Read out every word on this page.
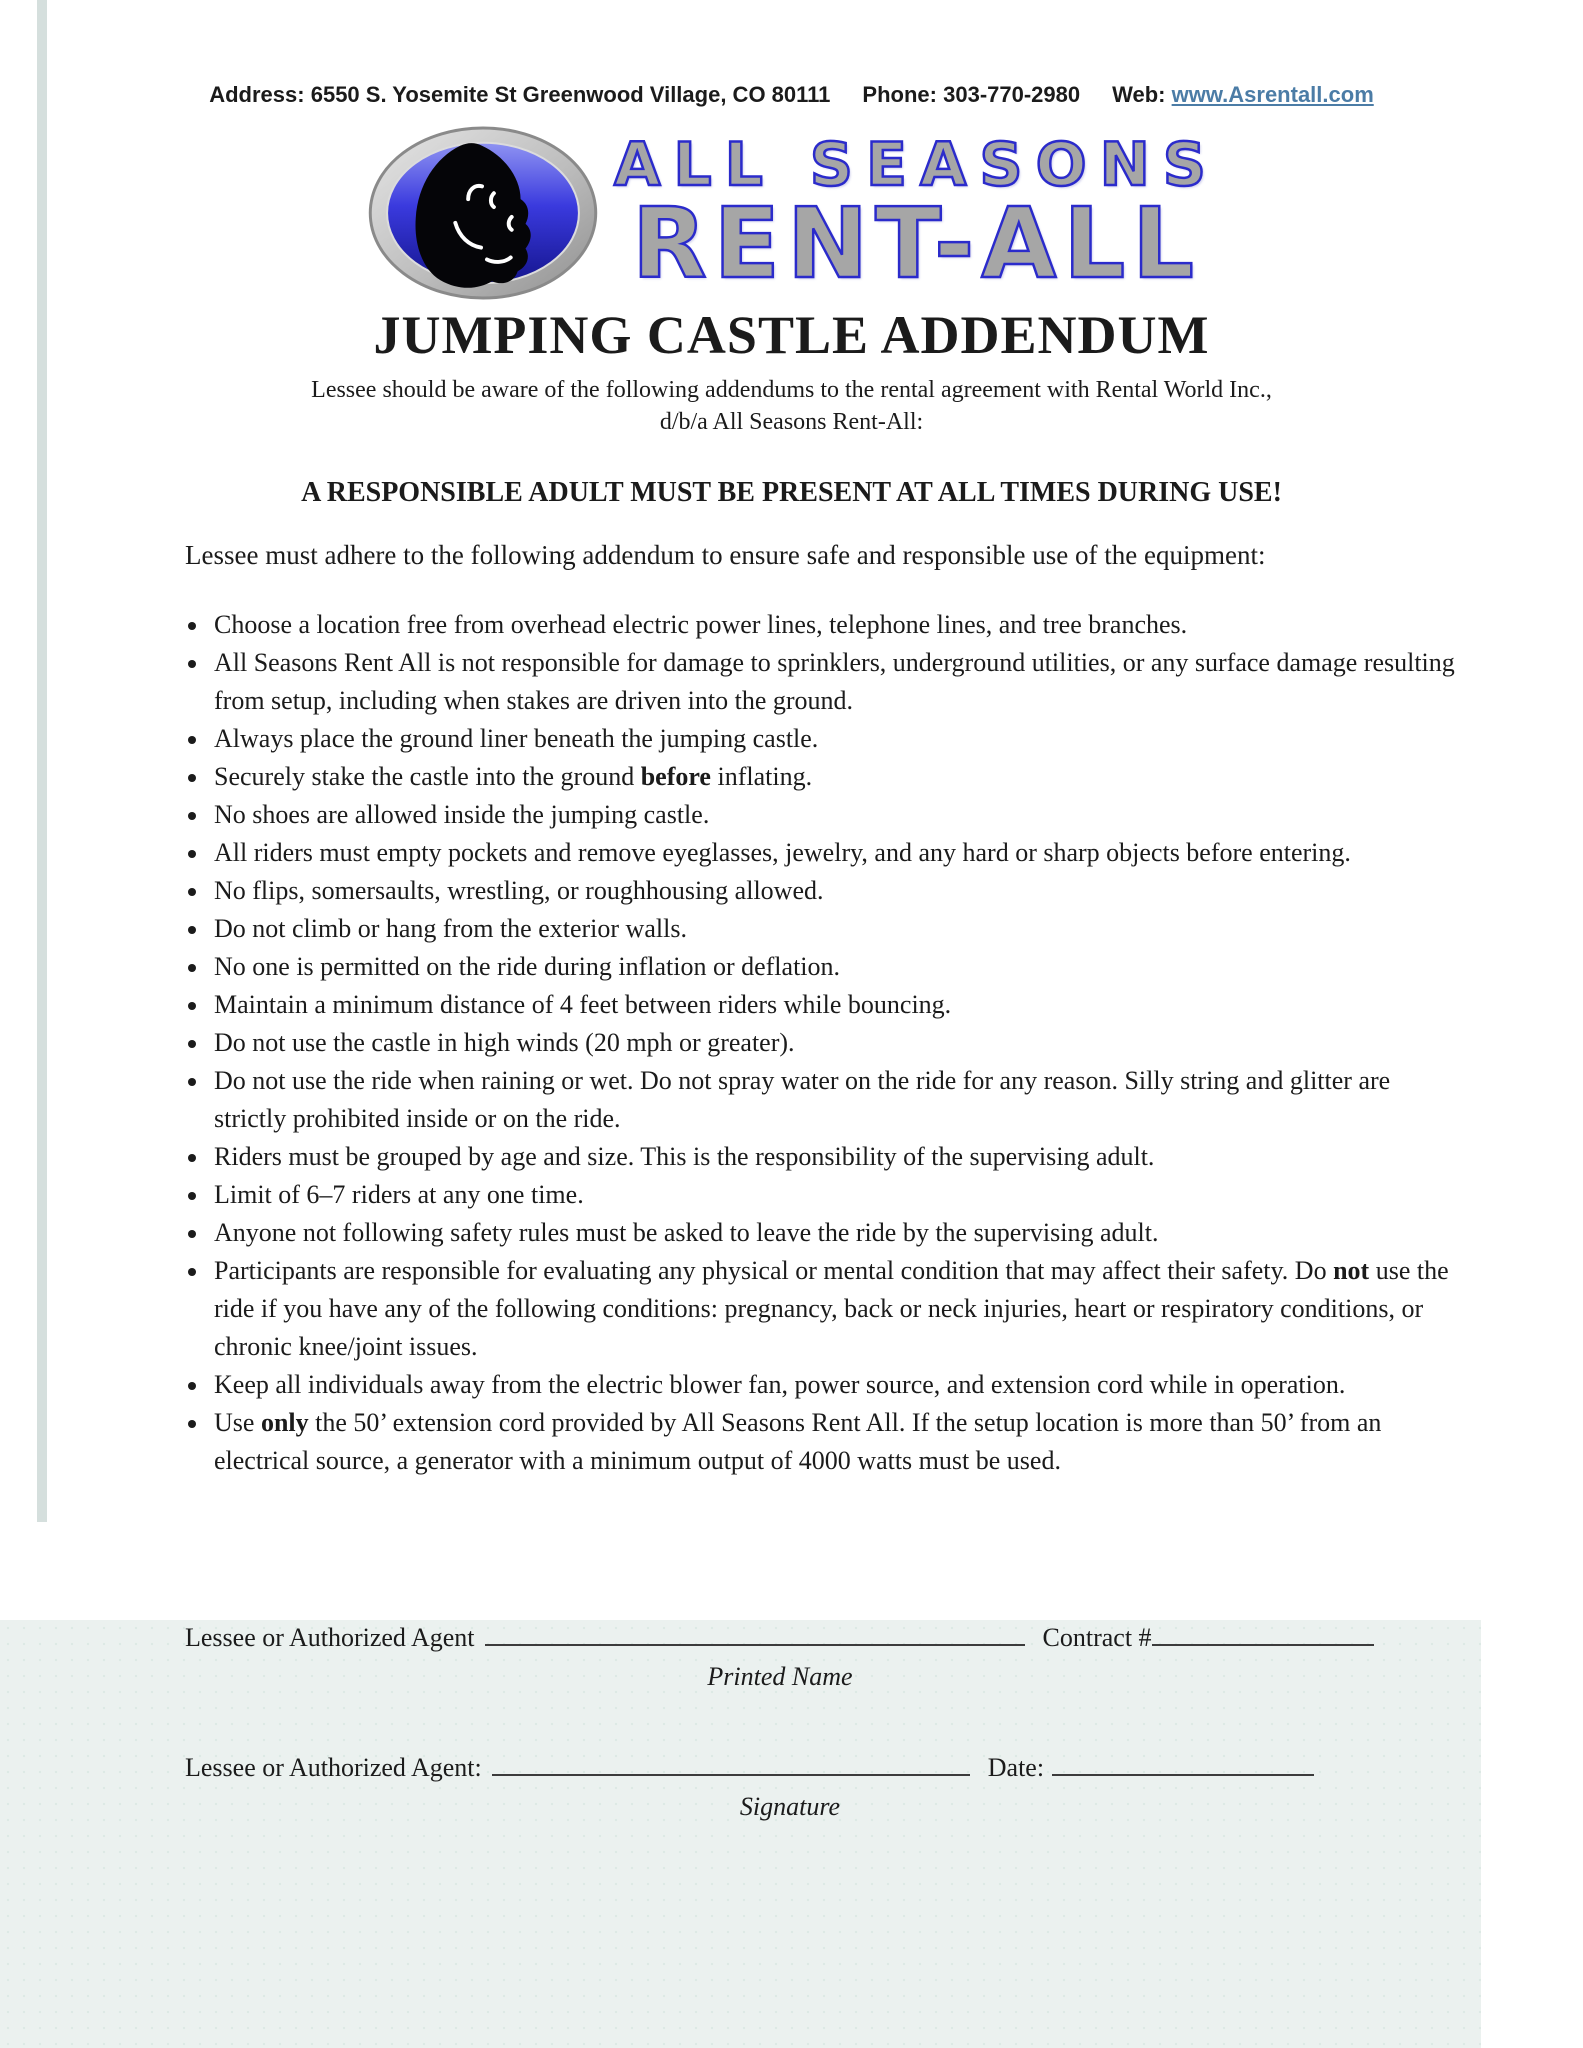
Address: 6550 S. Yosemite St Greenwood Village, CO 80111 Phone: 303-770-2980 Web: www.Asrentall.com
ALL SEASONS
RENT-ALL
JUMPING CASTLE ADDENDUM
Lessee should be aware of the following addendums to the rental agreement with Rental World Inc.,
d/b/a All Seasons Rent-All:
A RESPONSIBLE ADULT MUST BE PRESENT AT ALL TIMES DURING USE!
Lessee must adhere to the following addendum to ensure safe and responsible use of the equipment:
• Choose a location free from overhead electric power lines, telephone lines, and tree branches.
• All Seasons Rent All is not responsible for damage to sprinklers, underground utilities, or any surface damage resulting from setup, including when stakes are driven into the ground.
• Always place the ground liner beneath the jumping castle.
• Securely stake the castle into the ground before inflating.
• No shoes are allowed inside the jumping castle.
• All riders must empty pockets and remove eyeglasses, jewelry, and any hard or sharp objects before entering.
• No flips, somersaults, wrestling, or roughhousing allowed.
• Do not climb or hang from the exterior walls.
• No one is permitted on the ride during inflation or deflation.
• Maintain a minimum distance of 4 feet between riders while bouncing.
• Do not use the castle in high winds (20 mph or greater).
• Do not use the ride when raining or wet. Do not spray water on the ride for any reason. Silly string and glitter are strictly prohibited inside or on the ride.
• Riders must be grouped by age and size. This is the responsibility of the supervising adult.
• Limit of 6–7 riders at any one time.
• Anyone not following safety rules must be asked to leave the ride by the supervising adult.
• Participants are responsible for evaluating any physical or mental condition that may affect their safety. Do not use the ride if you have any of the following conditions: pregnancy, back or neck injuries, heart or respiratory conditions, or chronic knee/joint issues.
• Keep all individuals away from the electric blower fan, power source, and extension cord while in operation.
• Use only the 50’ extension cord provided by All Seasons Rent All. If the setup location is more than 50’ from an electrical source, a generator with a minimum output of 4000 watts must be used.
Lessee or Authorized Agent	Contract #
Printed Name
Lessee or Authorized Agent:	Date:
Signature
